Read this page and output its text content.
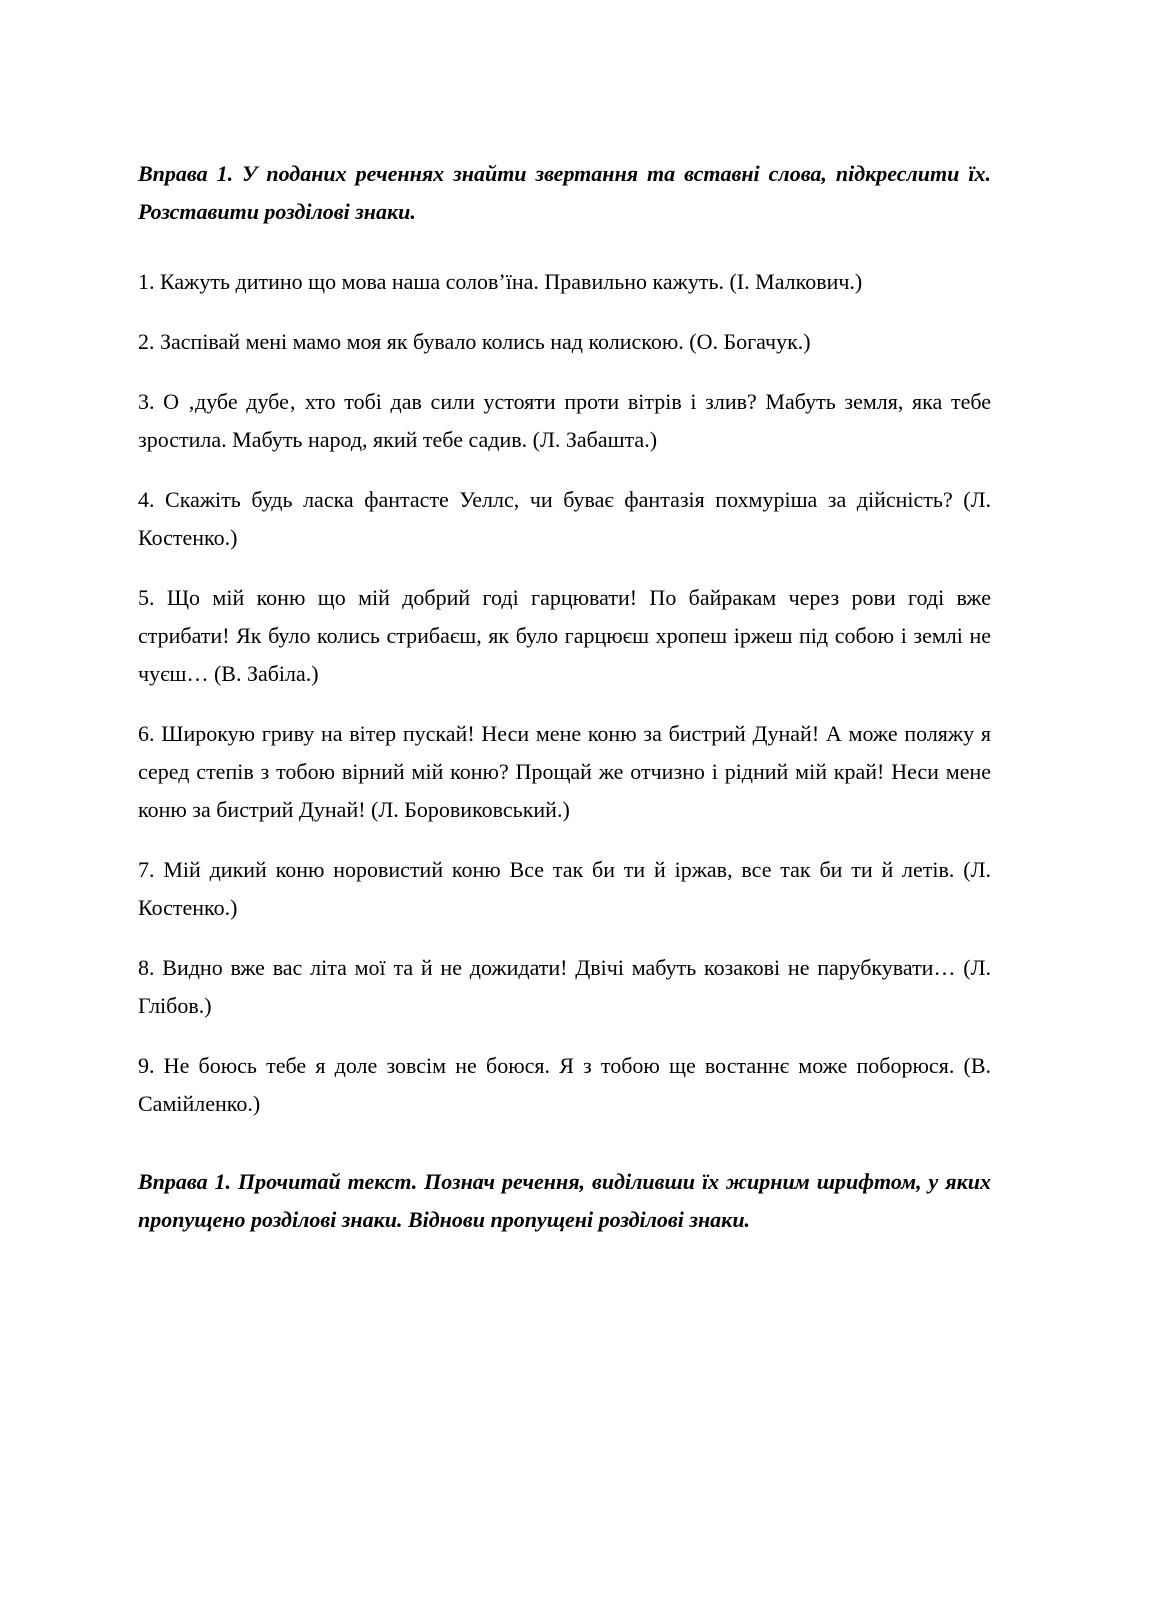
Вправа 1. У поданих реченнях знайти звертання та вставні слова, підкреслити їх. Розставити розділові знаки.

1. Кажуть дитино що мова наша солов’їна. Правильно кажуть. (І. Малкович.)

2. Заспівай мені мамо моя як бувало колись над колискою. (О. Богачук.)

3. О ‚дубе дубе‚ хто тобі дав сили устояти проти вітрів і злив? Мабуть земля, яка тебе зростила. Мабуть народ, який тебе садив. (Л. Забашта.)

4. Скажіть будь ласка фантасте Уеллс, чи буває фантазія похмуріша за дійсність? (Л. Костенко.)

5. Що мій коню що мій добрий годі гарцювати! По байракам через рови годі вже стрибати! Як було колись стрибаєш, як було гарцюєш хропеш іржеш під собою і землі не чуєш… (В. Забіла.)

6. Широкую гриву на вітер пускай! Неси мене коню за бистрий Дунай! А може поляжу я серед степів з тобою вірний мій коню? Прощай же отчизно і рідний мій край! Неси мене коню за бистрий Дунай! (Л. Боровиковський.)

7. Мій дикий коню норовистий коню Все так би ти й іржав, все так би ти й летів. (Л. Костенко.)

8. Видно вже вас літа мої та й не дожидати! Двічі мабуть козакові не парубкувати… (Л. Глібов.)

9. Не боюсь тебе я доле зовсім не боюся. Я з тобою ще востаннє може поборюся. (В. Самійленко.)

Вправа 1. Прочитай текст. Познач речення, виділивши їх жирним шрифтом, у яких пропущено розділові знаки. Віднови пропущені розділові знаки.
